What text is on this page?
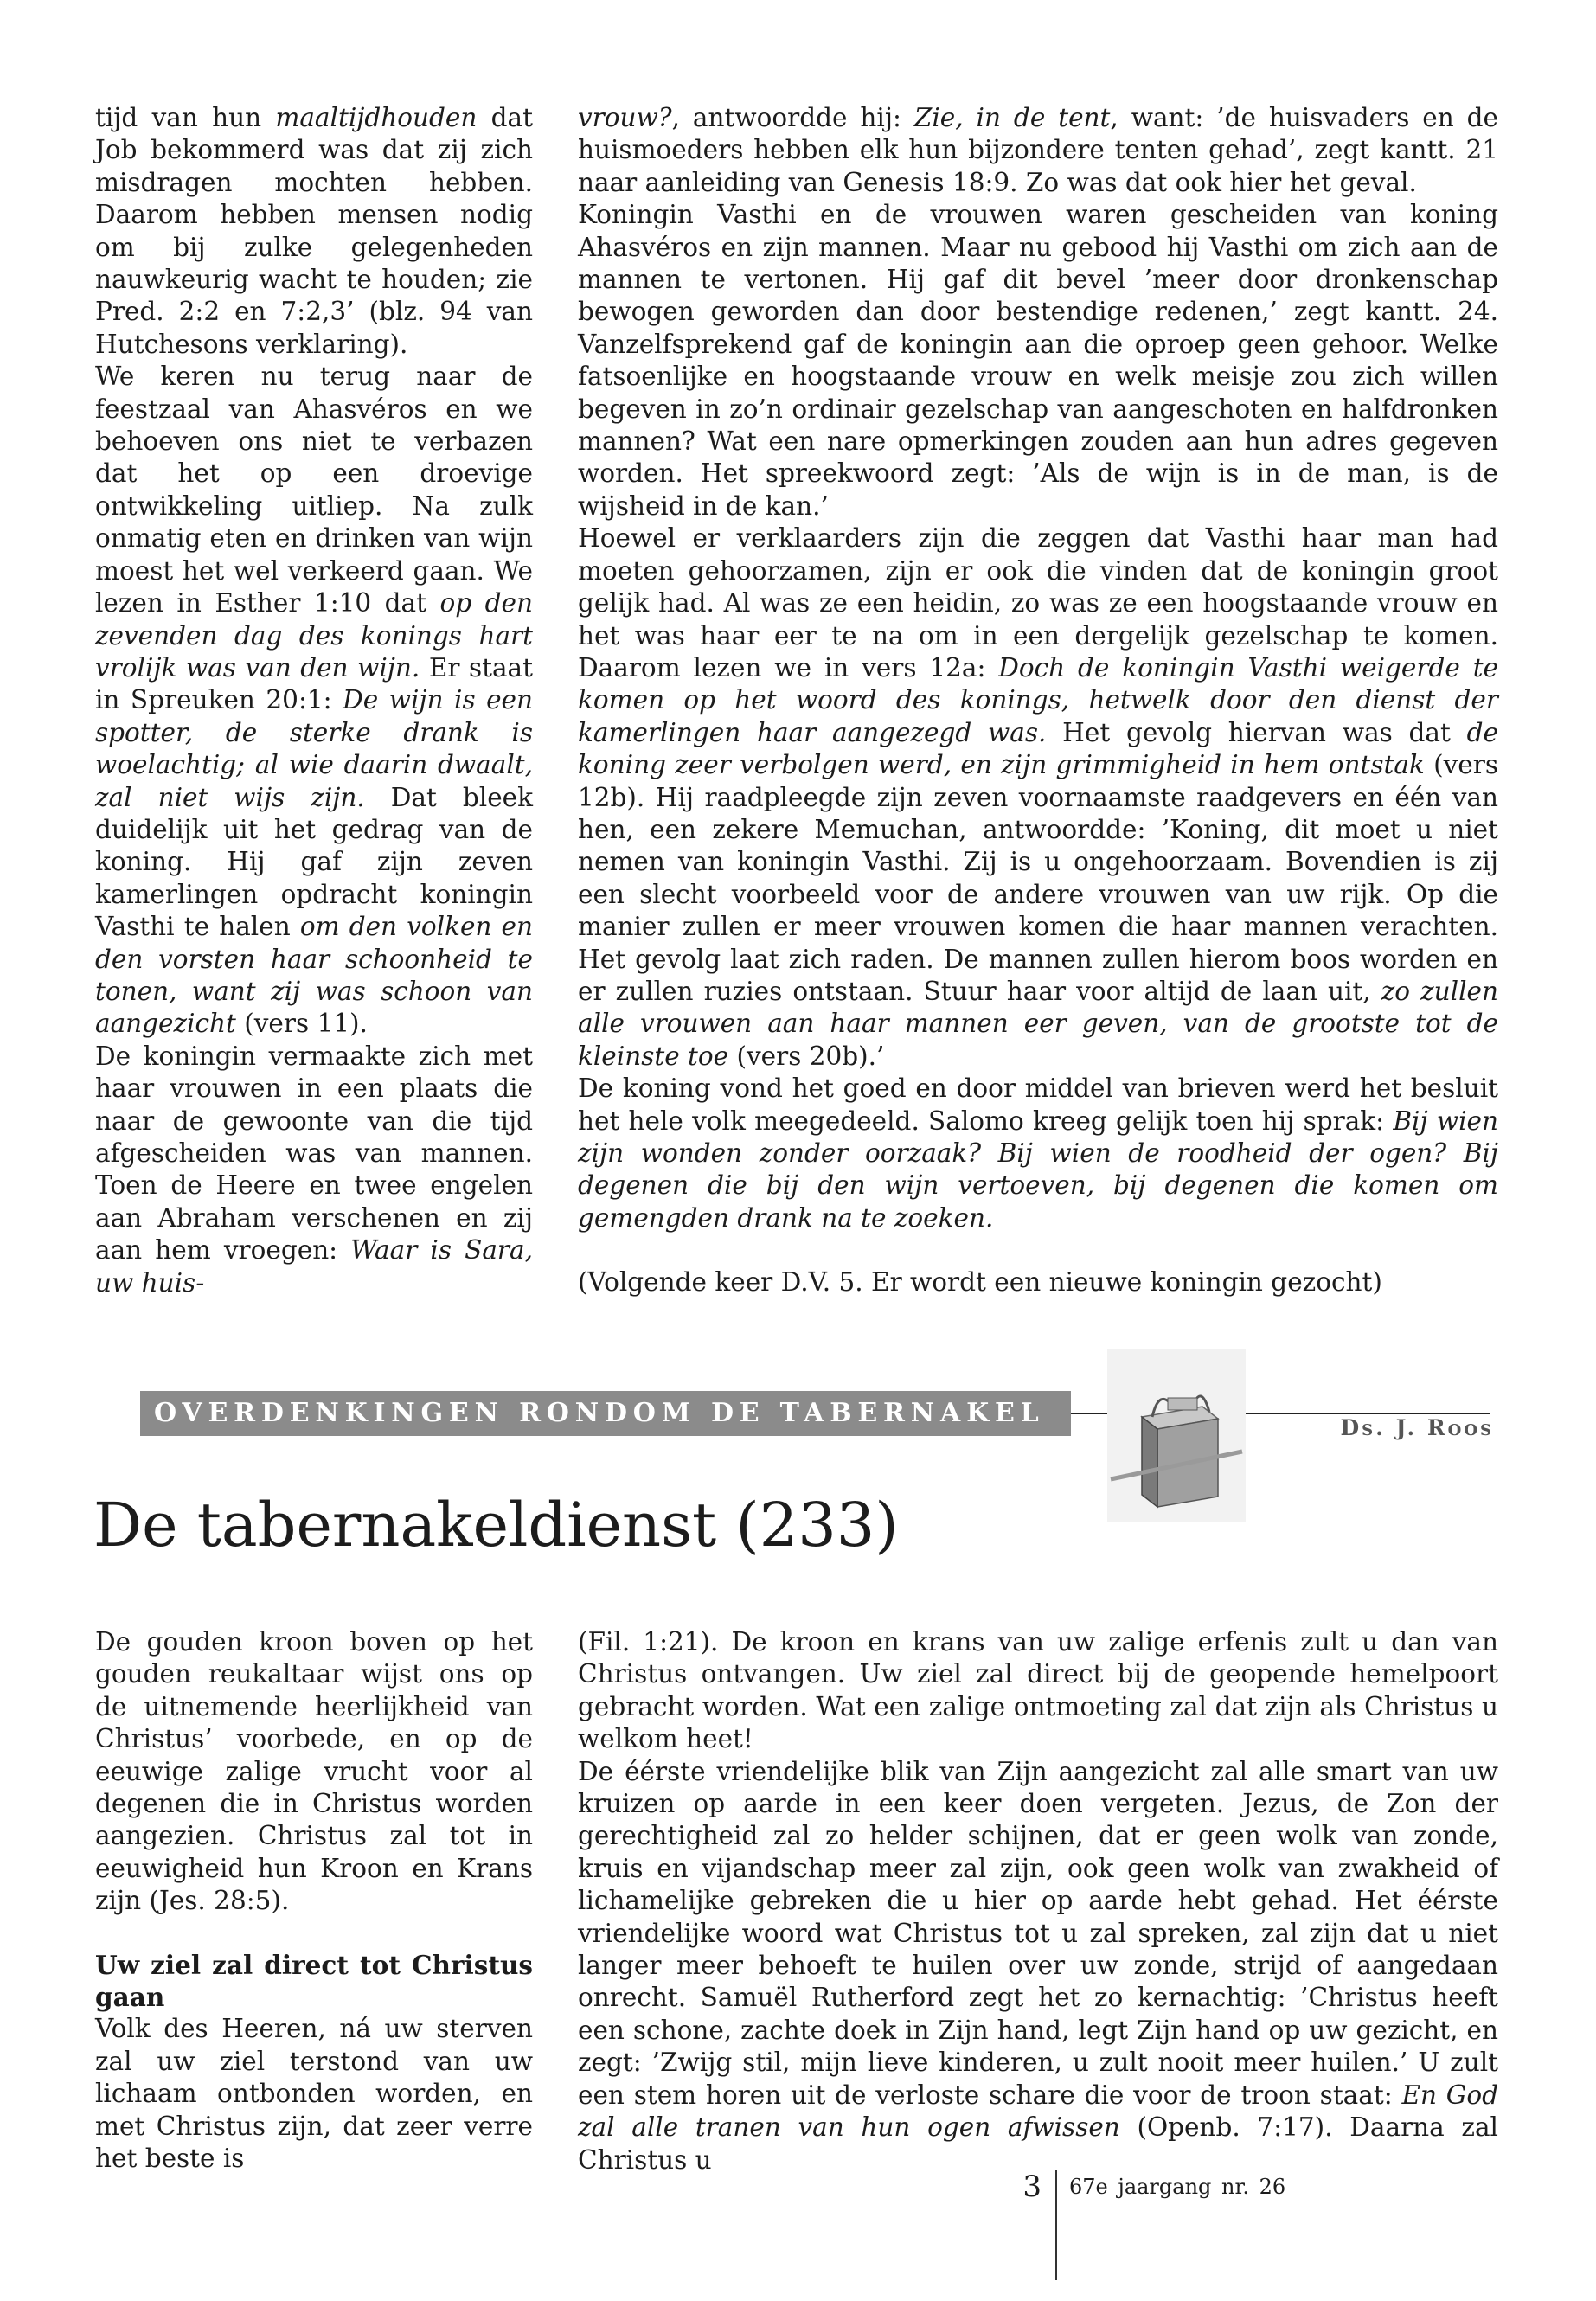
tijd van hun maaltijdhouden dat Job bekommerd was dat zij zich misdragen mochten hebben. Daarom hebben mensen nodig om bij zulke gelegenheden nauwkeurig wacht te houden; zie Pred. 2:2 en 7:2,3’ (blz. 94 van Hutchesons verklaring).

We keren nu terug naar de feestzaal van Ahasvéros en we behoeven ons niet te verbazen dat het op een droevige ontwikkeling uitliep. Na zulk onmatig eten en drinken van wijn moest het wel verkeerd gaan. We lezen in Esther 1:10 dat op den zevenden dag des konings hart vrolijk was van den wijn. Er staat in Spreuken 20:1: De wijn is een spotter, de sterke drank is woelachtig; al wie daarin dwaalt, zal niet wijs zijn. Dat bleek duidelijk uit het gedrag van de koning. Hij gaf zijn zeven kamerlingen opdracht koningin Vasthi te halen om den volken en den vorsten haar schoonheid te tonen, want zij was schoon van aangezicht (vers 11).

De koningin vermaakte zich met haar vrouwen in een plaats die naar de gewoonte van die tijd afgescheiden was van mannen. Toen de Heere en twee engelen aan Abraham verschenen en zij aan hem vroegen: Waar is Sara, uw huis-

vrouw?, antwoordde hij: Zie, in de tent, want: ’de huisvaders en de huismoeders hebben elk hun bijzondere tenten gehad’, zegt kantt. 21 naar aanleiding van Genesis 18:9. Zo was dat ook hier het geval.

Koningin Vasthi en de vrouwen waren gescheiden van koning Ahasvéros en zijn mannen. Maar nu gebood hij Vasthi om zich aan de mannen te vertonen. Hij gaf dit bevel ’meer door dronkenschap bewogen geworden dan door bestendige redenen,’ zegt kantt. 24. Vanzelfsprekend gaf de koningin aan die oproep geen gehoor. Welke fatsoenlijke en hoogstaande vrouw en welk meisje zou zich willen begeven in zo’n ordinair gezelschap van aangeschoten en halfdronken mannen? Wat een nare opmerkingen zouden aan hun adres gegeven worden. Het spreekwoord zegt: ’Als de wijn is in de man, is de wijsheid in de kan.’

Hoewel er verklaarders zijn die zeggen dat Vasthi haar man had moeten gehoorzamen, zijn er ook die vinden dat de koningin groot gelijk had. Al was ze een heidin, zo was ze een hoogstaande vrouw en het was haar eer te na om in een dergelijk gezelschap te komen. Daarom lezen we in vers 12a: Doch de koningin Vasthi weigerde te komen op het woord des konings, hetwelk door den dienst der kamerlingen haar aangezegd was. Het gevolg hiervan was dat de koning zeer verbolgen werd, en zijn grimmigheid in hem ontstak (vers 12b). Hij raadpleegde zijn zeven voornaamste raadgevers en één van hen, een zekere Memuchan, antwoordde: ’Koning, dit moet u niet nemen van koningin Vasthi. Zij is u ongehoorzaam. Bovendien is zij een slecht voorbeeld voor de andere vrouwen van uw rijk. Op die manier zullen er meer vrouwen komen die haar mannen verachten. Het gevolg laat zich raden. De mannen zullen hierom boos worden en er zullen ruzies ontstaan. Stuur haar voor altijd de laan uit, zo zullen alle vrouwen aan haar mannen eer geven, van de grootste tot de kleinste toe (vers 20b).’

De koning vond het goed en door middel van brieven werd het besluit het hele volk meegedeeld. Salomo kreeg gelijk toen hij sprak: Bij wien zijn wonden zonder oorzaak? Bij wien de roodheid der ogen? Bij degenen die bij den wijn vertoeven, bij degenen die komen om gemengden drank na te zoeken.

(Volgende keer D.V. 5. Er wordt een nieuwe koningin gezocht)

OVERDENKINGEN RONDOM DE TABERNAKEL	Ds. J. Roos
De tabernakeldienst (233)

De gouden kroon boven op het gouden reukaltaar wijst ons op de uitnemende heerlijkheid van Christus’ voorbede, en op de eeuwige zalige vrucht voor al degenen die in Christus worden aangezien. Christus zal tot in eeuwigheid hun Kroon en Krans zijn (Jes. 28:5).

Uw ziel zal direct tot Christus gaan

Volk des Heeren, ná uw sterven zal uw ziel terstond van uw lichaam ontbonden worden, en met Christus zijn, dat zeer verre het beste is

(Fil. 1:21). De kroon en krans van uw zalige erfenis zult u dan van Christus ontvangen. Uw ziel zal direct bij de geopende hemelpoort gebracht worden. Wat een zalige ontmoeting zal dat zijn als Christus u welkom heet!

De éérste vriendelijke blik van Zijn aangezicht zal alle smart van uw kruizen op aarde in een keer doen vergeten. Jezus, de Zon der gerechtigheid zal zo helder schijnen, dat er geen wolk van zonde, kruis en vijandschap meer zal zijn, ook geen wolk van zwakheid of lichamelijke gebreken die u hier op aarde hebt gehad. Het éérste vriendelijke woord wat Christus tot u zal spreken, zal zijn dat u niet langer meer behoeft te huilen over uw zonde, strijd of aangedaan onrecht. Samuël Rutherford zegt het zo kernachtig: ’Christus heeft een schone, zachte doek in Zijn hand, legt Zijn hand op uw gezicht, en zegt: ’Zwijg stil, mijn lieve kinderen, u zult nooit meer huilen.’ U zult een stem horen uit de verloste schare die voor de troon staat: En God zal alle tranen van hun ogen afwissen (Openb. 7:17). Daarna zal Christus u

3 67e jaargang nr. 26
